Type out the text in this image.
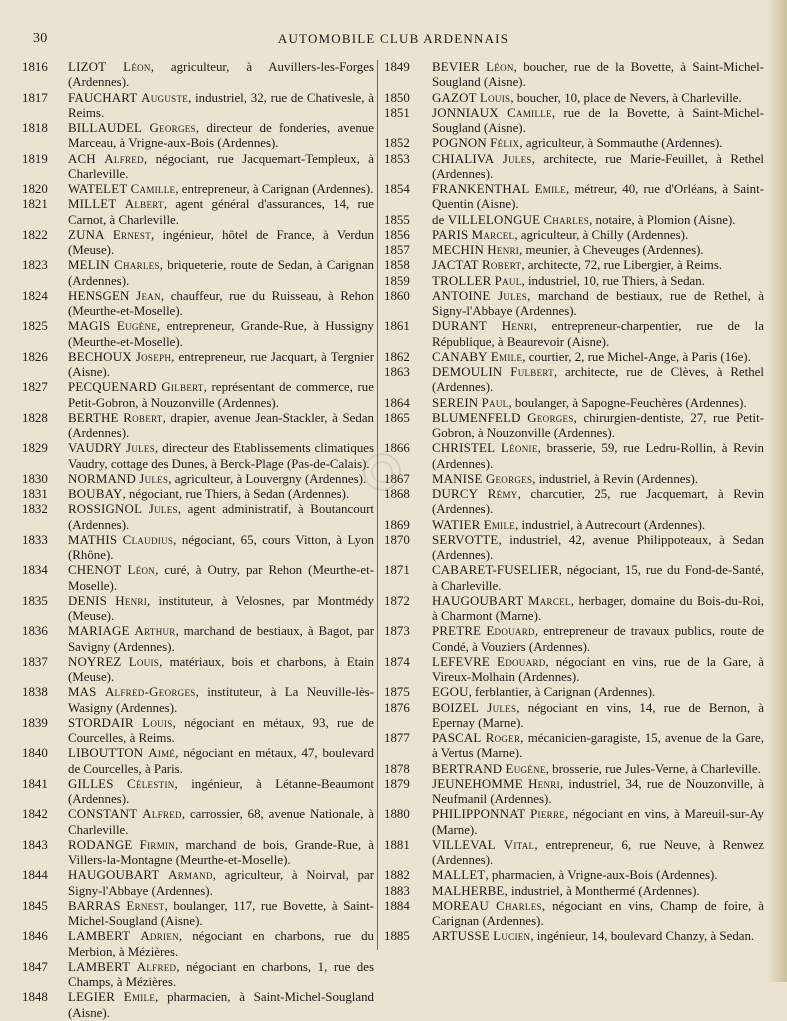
30	AUTOMOBILE CLUB ARDENNAIS

1816	LIZOT Léon, agriculteur, à Auvillers-les-Forges (Ardennes).

1817	FAUCHART Auguste, industriel, 32, rue de Chativesle, à Reims.

1818	BILLAUDEL Georges, directeur de fonderies, avenue Marceau, à Vrigne-aux-Bois (Ardennes).

1819	ACH Alfred, négociant, rue Jacquemart-Templeux, à Charleville.

1820	WATELET Camille, entrepreneur, à Carignan (Ardennes).

1821	MILLET Albert, agent général d'assurances, 14, rue Carnot, à Charleville.

1822	ZUNA Ernest, ingénieur, hôtel de France, à Verdun (Meuse).

1823	MELIN Charles, briqueterie, route de Sedan, à Carignan (Ardennes).

1824	HENSGEN Jean, chauffeur, rue du Ruisseau, à Rehon (Meurthe-et-Moselle).

1825	MAGIS Eugène, entrepreneur, Grande-Rue, à Hussigny (Meurthe-et-Moselle).

1826	BECHOUX Joseph, entrepreneur, rue Jacquart, à Tergnier (Aisne).

1827	PECQUENARD Gilbert, représentant de commerce, rue Petit-Gobron, à Nouzonville (Ardennes).

1828	BERTHE Robert, drapier, avenue Jean-Stackler, à Sedan (Ardennes).

1829	VAUDRY Jules, directeur des Etablissements climatiques Vaudry, cottage des Dunes, à Berck-Plage (Pas-de-Calais).

1830	NORMAND Jules, agriculteur, à Louvergny (Ardennes).

1831	BOUBAY, négociant, rue Thiers, à Sedan (Ardennes).

1832	ROSSIGNOL Jules, agent administratif, à Boutancourt (Ardennes).

1833	MATHIS Claudius, négociant, 65, cours Vitton, à Lyon (Rhône).

1834	CHENOT Léon, curé, à Outry, par Rehon (Meurthe-et-Moselle).

1835	DENIS Henri, instituteur, à Velosnes, par Montmédy (Meuse).

1836	MARIAGE Arthur, marchand de bestiaux, à Bagot, par Savigny (Ardennes).

1837	NOYREZ Louis, matériaux, bois et charbons, à Etain (Meuse).

1838	MAS Alfred-Georges, instituteur, à La Neuville-lès-Wasigny (Ardennes).

1839	STORDAIR Louis, négociant en métaux, 93, rue de Courcelles, à Reims.

1840	LIBOUTTON Aimé, négociant en métaux, 47, boulevard de Courcelles, à Paris.

1841	GILLES Célestin, ingénieur, à Létanne-Beaumont (Ardennes).

1842	CONSTANT Alfred, carrossier, 68, avenue Nationale, à Charleville.

1843	RODANGE Firmin, marchand de bois, Grande-Rue, à Villers-la-Montagne (Meurthe-et-Moselle).

1844	HAUGOUBART Armand, agriculteur, à Noirval, par Signy-l'Abbaye (Ardennes).

1845	BARRAS Ernest, boulanger, 117, rue Bovette, à Saint-Michel-Sougland (Aisne).

1846	LAMBERT Adrien, négociant en charbons, rue du Merbion, à Mézières.

1847	LAMBERT Alfred, négociant en charbons, 1, rue des Champs, à Mézières.

1848	LEGIER Emile, pharmacien, à Saint-Michel-Sougland (Aisne).

1849	BEVIER Léon, boucher, rue de la Bovette, à Saint-Michel-Sougland (Aisne).

1850	GAZOT Louis, boucher, 10, place de Nevers, à Charleville.

1851	JONNIAUX Camille, rue de la Bovette, à Saint-Michel-Sougland (Aisne).

1852	POGNON Félix, agriculteur, à Sommauthe (Ardennes).

1853	CHIALIVA Jules, architecte, rue Marie-Feuillet, à Rethel (Ardennes).

1854	FRANKENTHAL Emile, métreur, 40, rue d'Orléans, à Saint-Quentin (Aisne).

1855	de VILLELONGUE Charles, notaire, à Plomion (Aisne).

1856	PARIS Marcel, agriculteur, à Chilly (Ardennes).

1857	MECHIN Henri, meunier, à Cheveuges (Ardennes).

1858	JACTAT Robert, architecte, 72, rue Libergier, à Reims.

1859	TROLLER Paul, industriel, 10, rue Thiers, à Sedan.

1860	ANTOINE Jules, marchand de bestiaux, rue de Rethel, à Signy-l'Abbaye (Ardennes).

1861	DURANT Henri, entrepreneur-charpentier, rue de la République, à Beaurevoir (Aisne).

1862	CANABY Emile, courtier, 2, rue Michel-Ange, à Paris (16e).

1863	DEMOULIN Fulbert, architecte, rue de Clèves, à Rethel (Ardennes).

1864	SEREIN Paul, boulanger, à Sapogne-Feuchères (Ardennes).

1865	BLUMENFELD Georges, chirurgien-dentiste, 27, rue Petit-Gobron, à Nouzonville (Ardennes).

1866	CHRISTEL Léonie, brasserie, 59, rue Ledru-Rollin, à Revin (Ardennes).

1867	MANISE Georges, industriel, à Revin (Ardennes).

1868	DURCY Rémy, charcutier, 25, rue Jacquemart, à Revin (Ardennes).

1869	WATIER Emile, industriel, à Autrecourt (Ardennes).

1870	SERVOTTE, industriel, 42, avenue Philippoteaux, à Sedan (Ardennes).

1871	CABARET-FUSELIER, négociant, 15, rue du Fond-de-Santé, à Charleville.

1872	HAUGOUBART Marcel, herbager, domaine du Bois-du-Roi, à Charmont (Marne).

1873	PRETRE Edouard, entrepreneur de travaux publics, route de Condé, à Vouziers (Ardennes).

1874	LEFEVRE Edouard, négociant en vins, rue de la Gare, à Vireux-Molhain (Ardennes).

1875	EGOU, ferblantier, à Carignan (Ardennes).

1876	BOIZEL Jules, négociant en vins, 14, rue de Bernon, à Epernay (Marne).

1877	PASCAL Roger, mécanicien-garagiste, 15, avenue de la Gare, à Vertus (Marne).

1878	BERTRAND Eugène, brosserie, rue Jules-Verne, à Charleville.

1879	JEUNEHOMME Henri, industriel, 34, rue de Nouzonville, à Neufmanil (Ardennes).

1880	PHILIPPONNAT Pierre, négociant en vins, à Mareuil-sur-Ay (Marne).

1881	VILLEVAL Vital, entrepreneur, 6, rue Neuve, à Renwez (Ardennes).

1882	MALLET, pharmacien, à Vrigne-aux-Bois (Ardennes).

1883	MALHERBE, industriel, à Monthermé (Ardennes).

1884	MOREAU Charles, négociant en vins, Champ de foire, à Carignan (Ardennes).

1885	ARTUSSE Lucien, ingénieur, 14, boulevard Chanzy, à Sedan.
